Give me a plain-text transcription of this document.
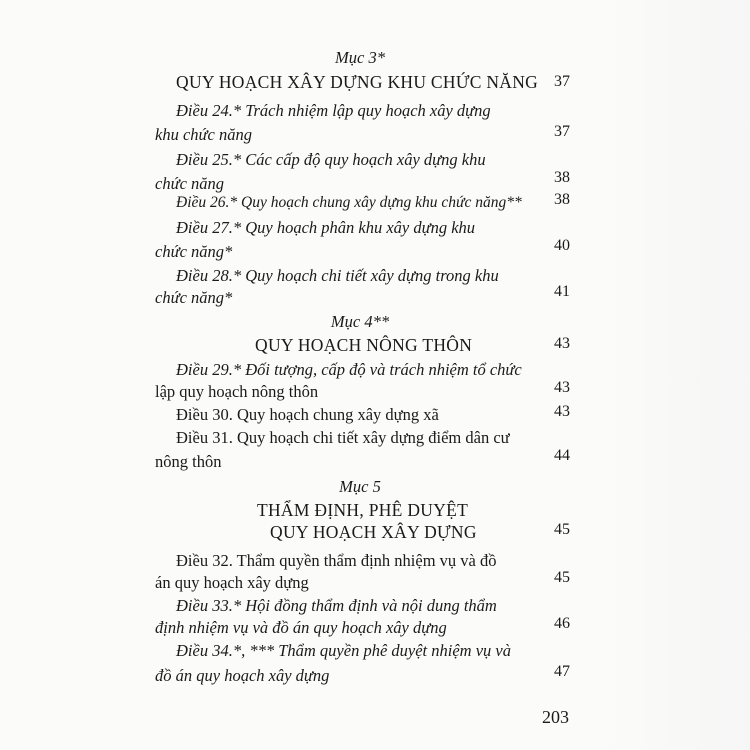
Mục 3*
QUY HOẠCH XÂY DỰNG KHU CHỨC NĂNG 37
Điều 24.* Trách nhiệm lập quy hoạch xây dựng
khu chức năng	37
Điều 25.* Các cấp độ quy hoạch xây dựng khu
chức năng	38
Điều 26.* Quy hoạch chung xây dựng khu chức năng**	38
Điều 27.* Quy hoạch phân khu xây dựng khu
chức năng*	40
Điều 28.* Quy hoạch chi tiết xây dựng trong khu
chức năng*	41
Mục 4**
QUY HOẠCH NÔNG THÔN	43
Điều 29.* Đối tượng, cấp độ và trách nhiệm tổ chức
lập quy hoạch nông thôn	43
Điều 30. Quy hoạch chung xây dựng xã	43
Điều 31. Quy hoạch chi tiết xây dựng điểm dân cư
nông thôn	44
Mục 5
THẨM ĐỊNH, PHÊ DUYỆT
QUY HOẠCH XÂY DỰNG	45
Điều 32. Thẩm quyền thẩm định nhiệm vụ và đồ
án quy hoạch xây dựng	45
Điều 33.* Hội đồng thẩm định và nội dung thẩm
định nhiệm vụ và đồ án quy hoạch xây dựng	46
Điều 34.*, *** Thẩm quyền phê duyệt nhiệm vụ và
đồ án quy hoạch xây dựng	47
203
